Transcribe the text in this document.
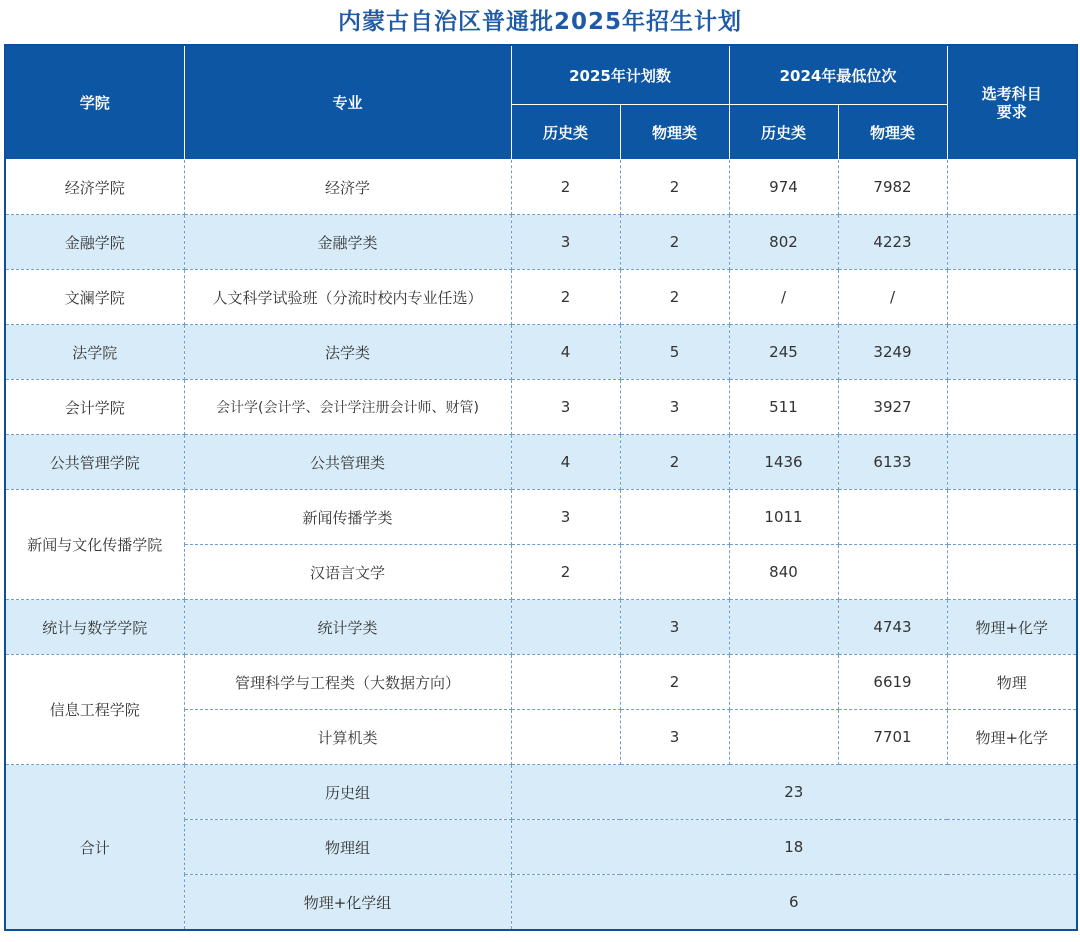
内蒙古自治区普通批2025年招生计划
学院	专业	2025年计划数		2024年最低位次		选考科目要求
		历史类	物理类	历史类	物理类	
经济学院	经济学	2	2	974	7982	
金融学院	金融学类	3	2	802	4223	
文澜学院	人文科学试验班（分流时校内专业任选）	2	2	/	/	
法学院	法学类	4	5	245	3249	
会计学院	会计学(会计学、会计学注册会计师、财管)	3	3	511	3927	
公共管理学院	公共管理类	4	2	1436	6133	
新闻与文化传播学院	新闻传播学类	3		1011		
	汉语言文学	2		840		
统计与数学学院	统计学类		3		4743	物理+化学
信息工程学院	管理科学与工程类（大数据方向）		2		6619	物理
	计算机类		3		7701	物理+化学
合计	历史组	23				
	物理组	18				
	物理+化学组	6				
